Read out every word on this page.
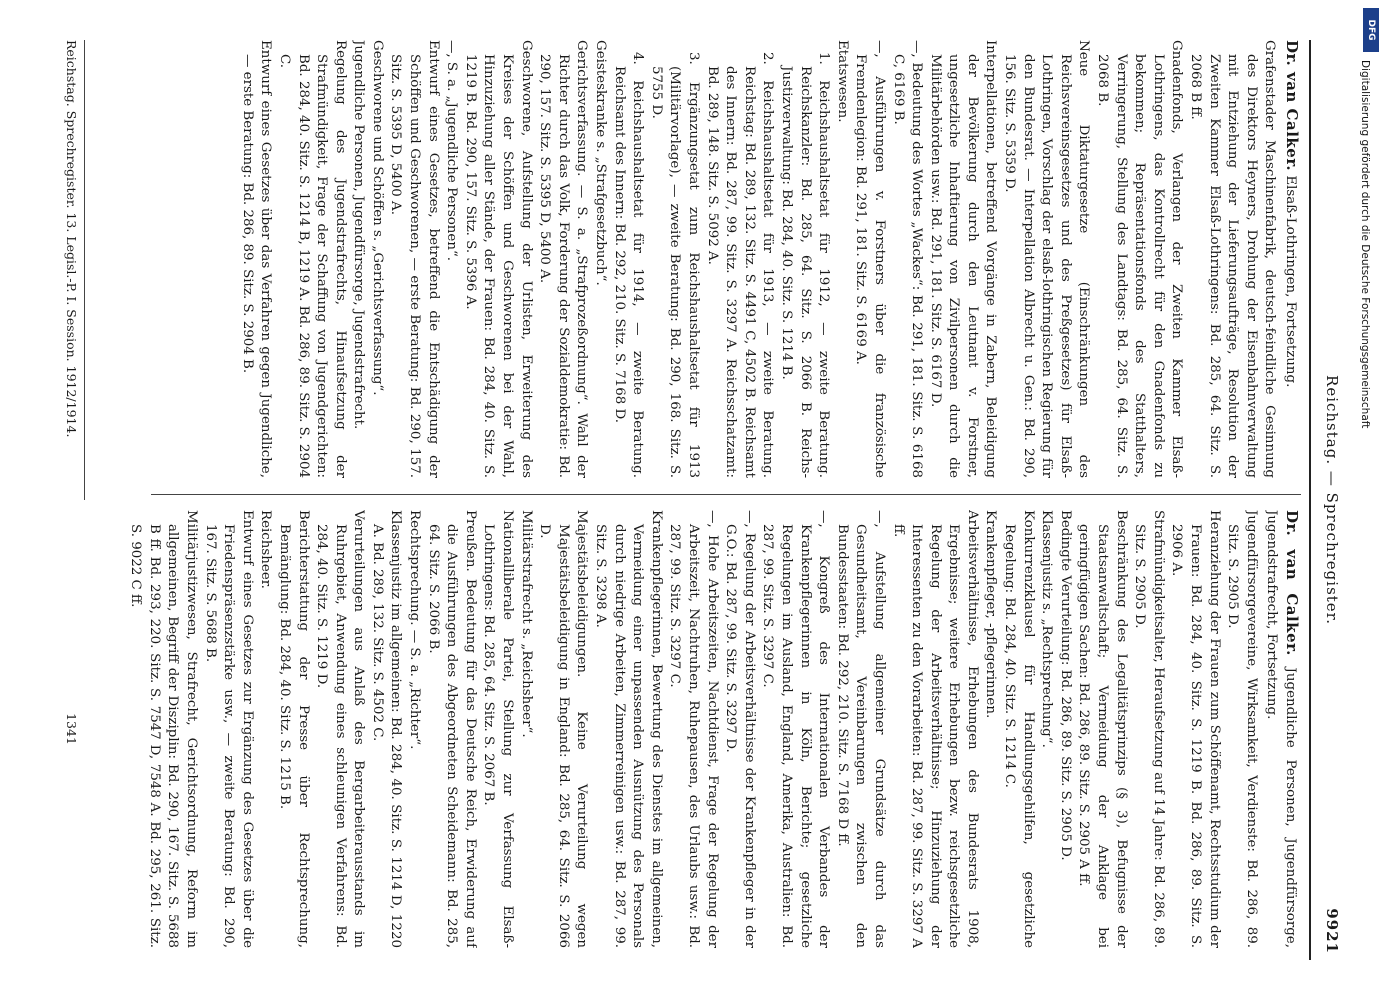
Reichstag. — Sprechregister.
9921

Dr. van Calker. Elsaß-Lothringen, Fortsetzung.

Grafenstader Maschinenfabrik, deutsch-feindliche Gesinnung des Direktors Heyners, Drohung der Eisenbahnverwaltung mit Entziehung der Lieferungsaufträge, Resolution der Zweiten Kammer Elsaß-Lothringens: Bd. 285, 64. Sitz. S. 2068 B ff.

Gnadenfonds, Verlangen der Zweiten Kammer Elsaß-Lothringens, das Kontrollrecht für den Gnadenfonds zu bekommen; Repräsentationsfonds des Statthalters, Verringerung, Stellung des Landtags: Bd. 285, 64. Sitz. S. 2068 B.

Neue Diktaturgesetze (Einschränkungen des Reichsvereinsgesetzes und des Preßgesetzes) für Elsaß-Lothringen, Vorschlag der elsaß-lothringischen Regierung für den Bundesrat. — Interpellation Albrecht u. Gen.: Bd. 290, 156. Sitz. S. 5359 D.

Interpellationen, betreffend Vorgänge in Zabern, Beleidigung der Bevölkerung durch den Leutnant v. Forstner, ungesetzliche Inhaftierung von Zivilpersonen durch die Militärbehörden usw.: Bd. 291, 181. Sitz. S. 6167 D.

—, Bedeutung des Wortes „Wackes“: Bd. 291, 181. Sitz. S. 6168 C, 6169 B.

—, Ausführungen v. Forstners über die französische Fremdenlegion: Bd. 291, 181. Sitz. S. 6169 A.

Etatswesen.

1. Reichshaushaltsetat für 1912, — zweite Beratung. Reichskanzler: Bd. 285, 64. Sitz. S. 2066 B. Reichs-Justizverwaltung: Bd. 284, 40. Sitz. S. 1214 B.

2. Reichshaushaltsetat für 1913, — zweite Beratung. Reichstag: Bd. 289, 132. Sitz. S. 4491 C, 4502 B. Reichsamt des Innern: Bd. 287, 99. Sitz. S. 3297 A. Reichsschatzamt: Bd. 289, 148. Sitz. S. 5092 A.

3. Ergänzungsetat zum Reichshaushaltsetat für 1913 (Militärvorlage), — zweite Beratung: Bd. 290, 168. Sitz. S. 5755 D.

4. Reichshaushaltsetat für 1914, — zweite Beratung. Reichsamt des Innern: Bd. 292, 210. Sitz. S. 7168 D.

Geisteskranke s. „Strafgesetzbuch“.

Gerichtsverfassung. — S. a. „Strafprozeßordnung“. Wahl der Richter durch das Volk, Forderung der Sozialdemokratie: Bd. 290, 157. Sitz. S. 5395 D, 5400 A.

Geschworene, Aufstellung der Urlisten, Erweiterung des Kreises der Schöffen und Geschworenen bei der Wahl, Hinzuziehung aller Stände, der Frauen: Bd. 284, 40. Sitz. S. 1219 B. Bd. 290, 157. Sitz. S. 5396 A.

—, S. a. „Jugendliche Personen“.

Entwurf eines Gesetzes, betreffend die Entschädigung der Schöffen und Geschworenen, — erste Beratung: Bd. 290, 157. Sitz. S. 5395 D, 5400 A.

Geschworene und Schöffen s. „Gerichtsverfassung“.

Jugendliche Personen, Jugendfürsorge, Jugendstrafrecht.

Regelung des Jugendstrafrechts, Hinaufsetzung der Strafmündigkeit, Frage der Schaffung von Jugendgerichten: Bd. 284, 40. Sitz. S. 1214 B, 1219 A. Bd. 286, 89. Sitz. S. 2904 C.

Entwurf eines Gesetzes über das Verfahren gegen Jugendliche, — erste Beratung: Bd. 286, 89. Sitz. S. 2904 B.

Dr. van Calker. Jugendliche Personen, Jugendfürsorge, Jugendstrafrecht, Fortsetzung.

Jugendfürsorgevereine, Wirksamkeit, Verdienste: Bd. 286, 89. Sitz. S. 2905 D.

Heranziehung der Frauen zum Schöffenamt, Rechtsstudium der Frauen: Bd. 284, 40. Sitz. S. 1219 B. Bd. 286, 89. Sitz. S. 2906 A.

Strafmündigkeitsalter, Heraufsetzung auf 14 Jahre: Bd. 286, 89. Sitz. S. 2905 D.

Beschränkung des Legalitätsprinzips (§ 3), Befugnisse der Staatsanwaltschaft; Vermeidung der Anklage bei geringfügigen Sachen: Bd. 286, 89. Sitz. S. 2905 A ff.

Bedingte Verurteilung: Bd. 286, 89. Sitz. S. 2905 D.

Klassenjustiz s. „Rechtsprechung“.

Konkurrenzklausel für Handlungsgehilfen, gesetzliche Regelung: Bd. 284, 40. Sitz. S. 1214 C.

Krankenpfleger, -pflegerinnen.

Arbeitsverhältnisse, Erhebungen des Bundesrats 1908, Ergebnisse; weitere Erhebungen bezw. reichsgesetzliche Regelung der Arbeitsverhältnisse; Hinzuziehung der Interessenten zu den Vorarbeiten: Bd. 287, 99. Sitz. S. 3297 A ff.

—, Aufstellung allgemeiner Grundsätze durch das Gesundheitsamt, Vereinbarungen zwischen den Bundesstaaten: Bd. 292, 210. Sitz. S. 7168 D ff.

—, Kongreß des Internationalen Verbandes der Krankenpflegerinnen in Köln, Berichte; gesetzliche Regelungen im Ausland, England, Amerika, Australien: Bd. 287, 99. Sitz. S. 3297 C.

—, Regelung der Arbeitsverhältnisse der Krankenpfleger in der G.O.: Bd. 287, 99. Sitz. S. 3297 D.

—, Hohe Arbeitszeiten, Nachtdienst, Frage der Regelung der Arbeitszeit, Nachtruhen, Ruhepausen, des Urlaubs usw.: Bd. 287, 99. Sitz. S. 3297 C.

Krankenpflegerinnen, Bewertung des Dienstes im allgemeinen, Vermeidung einer unpassenden Ausnützung des Personals durch niedrige Arbeiten, Zimmerreinigen usw.: Bd. 287, 99. Sitz. S. 3298 A.

Majestätsbeleidigungen. Keine Verurteilung wegen Majestätsbeleidigung in England: Bd. 285, 64. Sitz. S. 2066 D.

Militärstrafrecht s. „Reichsheer“.

Nationalliberale Partei, Stellung zur Verfassung Elsaß-Lothringens: Bd. 285, 64. Sitz. S. 2067 B.

Preußen. Bedeutung für das Deutsche Reich, Erwiderung auf die Ausführungen des Abgeordneten Scheidemann: Bd. 285, 64. Sitz. S. 2066 B.

Rechtsprechung. — S. a. „Richter“.

Klassenjustiz im allgemeinen: Bd. 284, 40. Sitz. S. 1214 D, 1220 A. Bd. 289, 132. Sitz. S. 4502 C.

Verurteilungen aus Anlaß des Bergarbeiterausstands im Ruhrgebiet, Anwendung eines schleunigen Verfahrens: Bd. 284, 40. Sitz. S. 1219 D.

Berichterstattung der Presse über Rechtsprechung, Bemänglung: Bd. 284, 40. Sitz. S. 1215 B.

Reichsheer.

Entwurf eines Gesetzes zur Ergänzung des Gesetzes über die Friedenspräsenzstärke usw., — zweite Beratung: Bd. 290, 167. Sitz. S. 5688 B.

Militärjustizwesen, Strafrecht, Gerichtsordnung, Reform im allgemeinen, Begriff der Disziplin: Bd. 290, 167. Sitz. S. 5688 B ff. Bd. 293, 220. Sitz. S. 7547 D, 7548 A. Bd. 295, 261. Sitz. S. 9022 C ff.

Reichstag. Sprechregister. 13. Legisl.-P. I. Session. 1912/1914.
1341
DFG
Digitalisierung gefördert durch die Deutsche Forschungsgemeinschaft
